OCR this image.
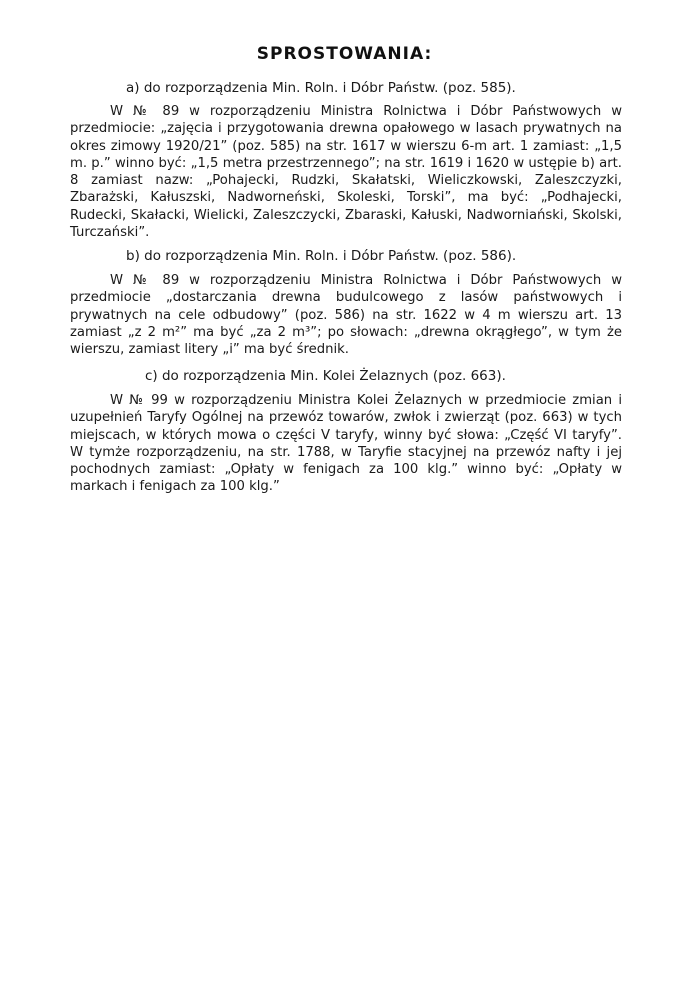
SPROSTOWANIA:
a) do rozporządzenia Min. Roln. i Dóbr Państw. (poz. 585).

W № 89 w rozporządzeniu Ministra Rolnictwa i Dóbr Państwowych w przedmiocie: „zajęcia i przygotowania drewna opałowego w lasach prywatnych na okres zimowy 1920/21” (poz. 585) na str. 1617 w wierszu 6-m art. 1 zamiast: „1,5 m. p.” winno być: „1,5 metra przestrzennego”; na str. 1619 i 1620 w ustępie b) art. 8 zamiast nazw: „Pohajecki, Rudzki, Skałatski, Wieliczkowski, Zaleszczyzki, Zbarażski, Kałuszski, Nadworneński, Skoleski, Torski”, ma być: „Podhajecki, Rudecki, Skałacki, Wielicki, Zaleszczycki, Zbaraski, Kałuski, Nadworniański, Skolski, Turczański”.

b) do rozporządzenia Min. Roln. i Dóbr Państw. (poz. 586).

W № 89 w rozporządzeniu Ministra Rolnictwa i Dóbr Państwowych w przedmiocie „dostarczania drewna budulcowego z lasów państwowych i prywatnych na cele odbudowy” (poz. 586) na str. 1622 w 4 m wierszu art. 13 zamiast „z 2 m²” ma być „za 2 m³”; po słowach: „drewna okrągłego”, w tym że wierszu, zamiast litery „i” ma być średnik.

c) do rozporządzenia Min. Kolei Żelaznych (poz. 663).

W № 99 w rozporządzeniu Ministra Kolei Żelaznych w przedmiocie zmian i uzupełnień Taryfy Ogólnej na przewóz towarów, zwłok i zwierząt (poz. 663) w tych miejscach, w których mowa o części V taryfy, winny być słowa: „Część VI taryfy”. W tymże rozporządzeniu, na str. 1788, w Taryfie stacyjnej na przewóz nafty i jej pochodnych zamiast: „Opłaty w fenigach za 100 klg.” winno być: „Opłaty w markach i fenigach za 100 klg.”
